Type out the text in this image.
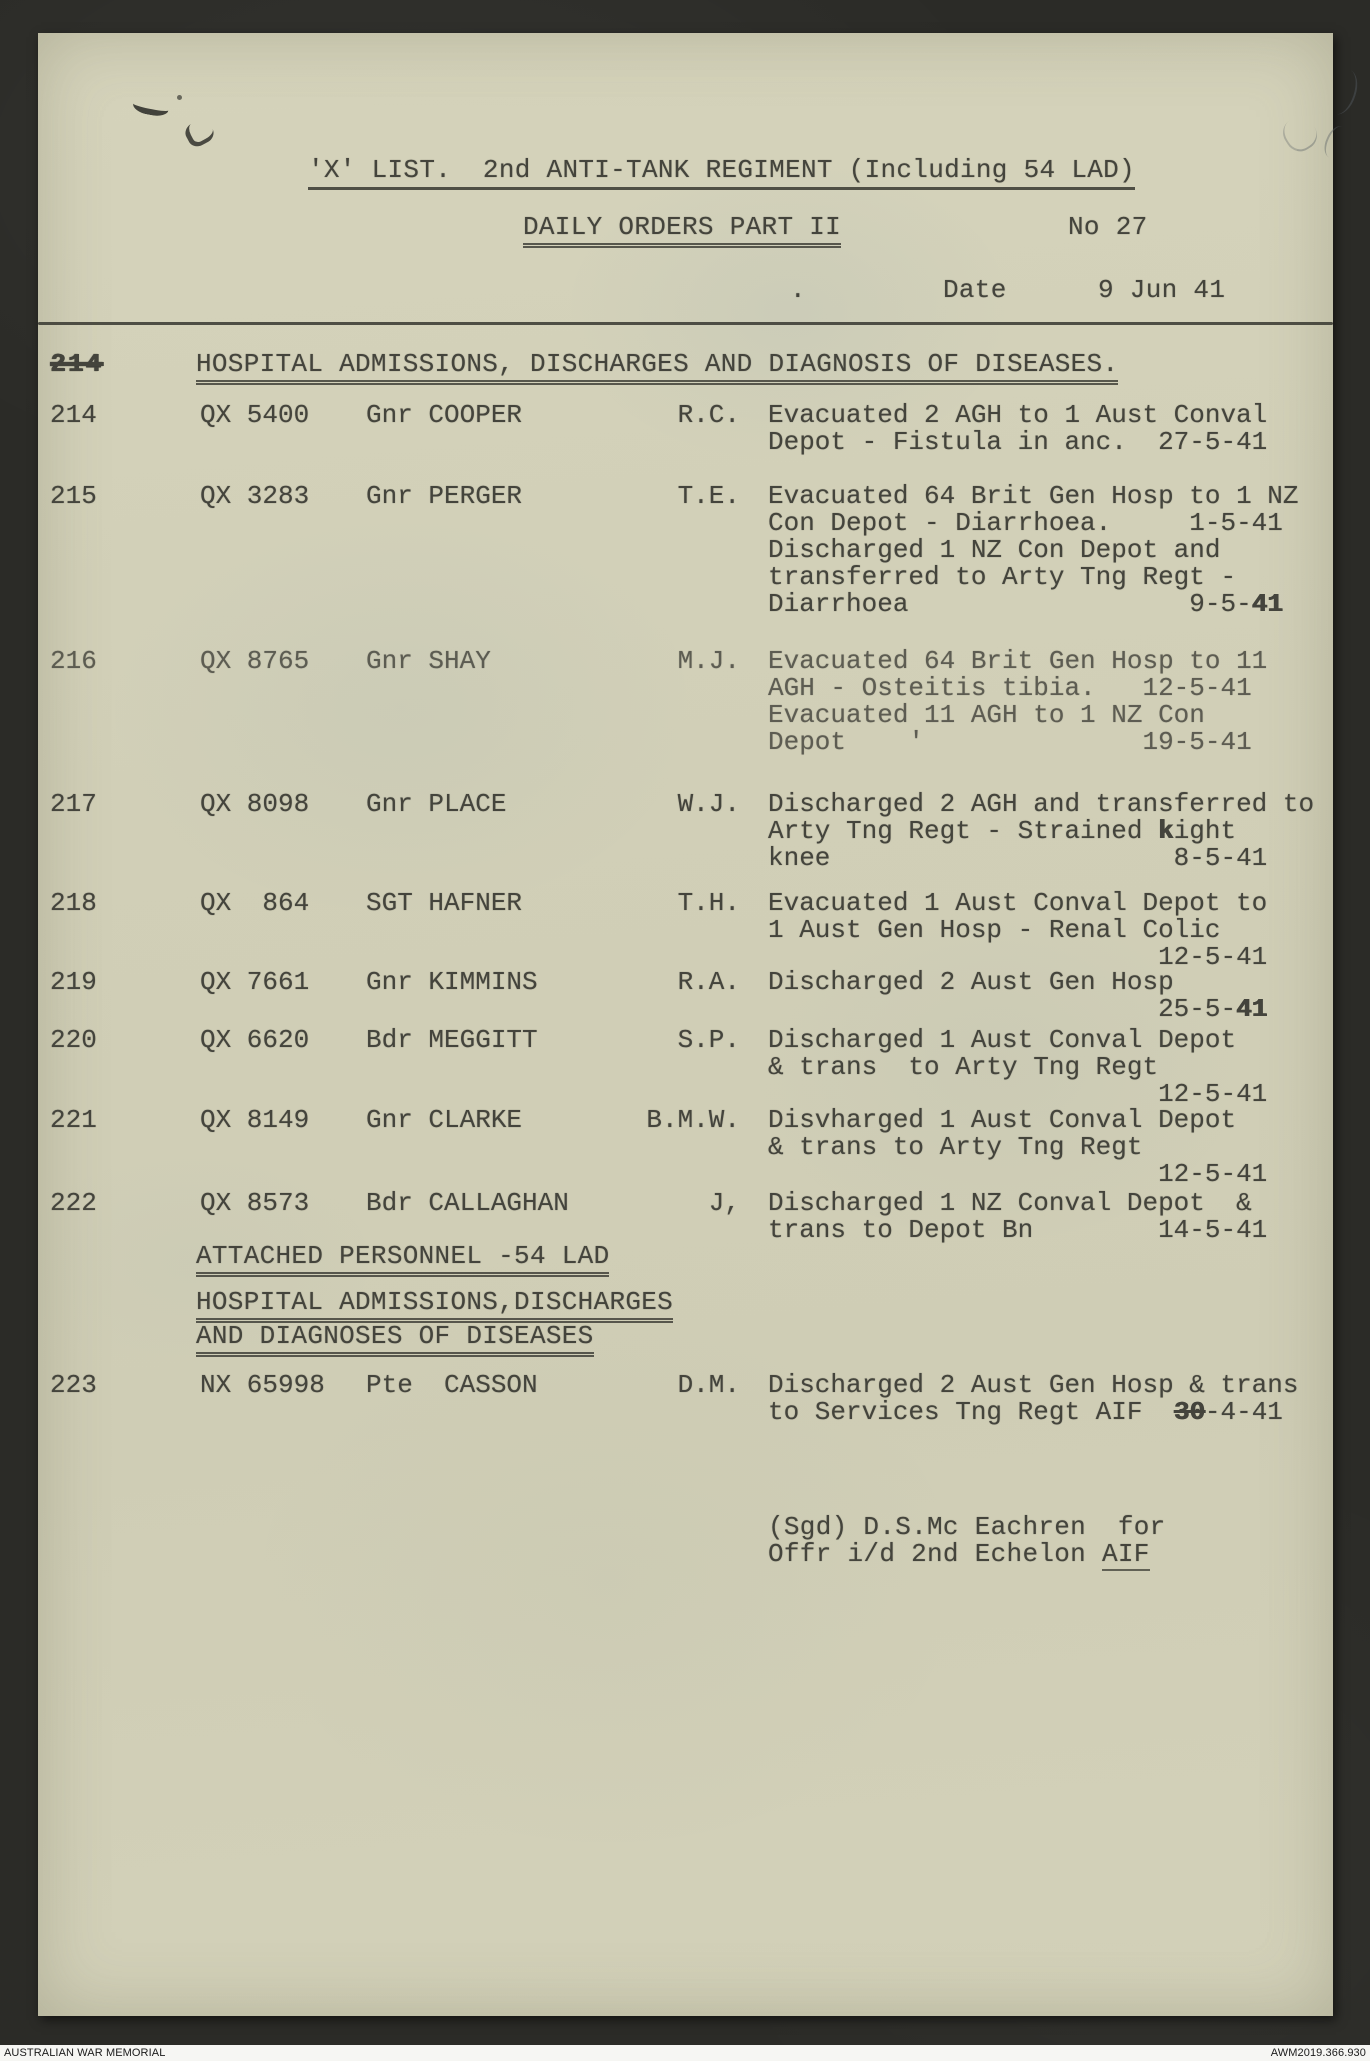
'X' LIST.  2nd ANTI-TANK REGIMENT (Including 54 LAD)
DAILY ORDERS PART II	No 27
.	Date	9 Jun 41
214	HOSPITAL ADMISSIONS, DISCHARGES AND DIAGNOSIS OF DISEASES.
214	QX 5400 Gnr COOPER	R.C. Evacuated 2 AGH to 1 Aust Conval
Depot - Fistula in anc.  27-5-41
215	QX 3283 Gnr PERGER	T.E. Evacuated 64 Brit Gen Hosp to 1 NZ
Con Depot - Diarrhoea.     1-5-41
Discharged 1 NZ Con Depot and
transferred to Arty Tng Regt -
Diarrhoea                  9-5-41
216	QX 8765 Gnr SHAY	M.J. Evacuated 64 Brit Gen Hosp to 11
AGH - Osteitis tibia.   12-5-41
Evacuated 11 AGH to 1 NZ Con
Depot    '              19-5-41
217	QX 8098 Gnr PLACE	W.J. Discharged 2 AGH and transferred to
Arty Tng Regt - Strained kight
knee                      8-5-41
218	QX  864 SGT HAFNER	T.H. Evacuated 1 Aust Conval Depot to
1 Aust Gen Hosp - Renal Colic
12-5-41
219	QX 7661 Gnr KIMMINS	R.A. Discharged 2 Aust Gen Hosp
25-5-41
220	QX 6620 Bdr MEGGITT	S.P. Discharged 1 Aust Conval Depot
& trans  to Arty Tng Regt
12-5-41
221	QX 8149 Gnr CLARKE	B.M.W. Disvharged 1 Aust Conval Depot
& trans to Arty Tng Regt
12-5-41
222	QX 8573 Bdr CALLAGHAN	J, Discharged 1 NZ Conval Depot  &
trans to Depot Bn        14-5-41
ATTACHED PERSONNEL -54 LAD
HOSPITAL ADMISSIONS,DISCHARGES
AND DIAGNOSES OF DISEASES
223	NX 65998 Pte  CASSON	D.M. Discharged 2 Aust Gen Hosp & trans
to Services Tng Regt AIF  30-4-41
(Sgd) D.S.Mc Eachren  for
Offr i/d 2nd Echelon AIF
AUSTRALIAN WAR MEMORIAL	AWM2019.366.930
